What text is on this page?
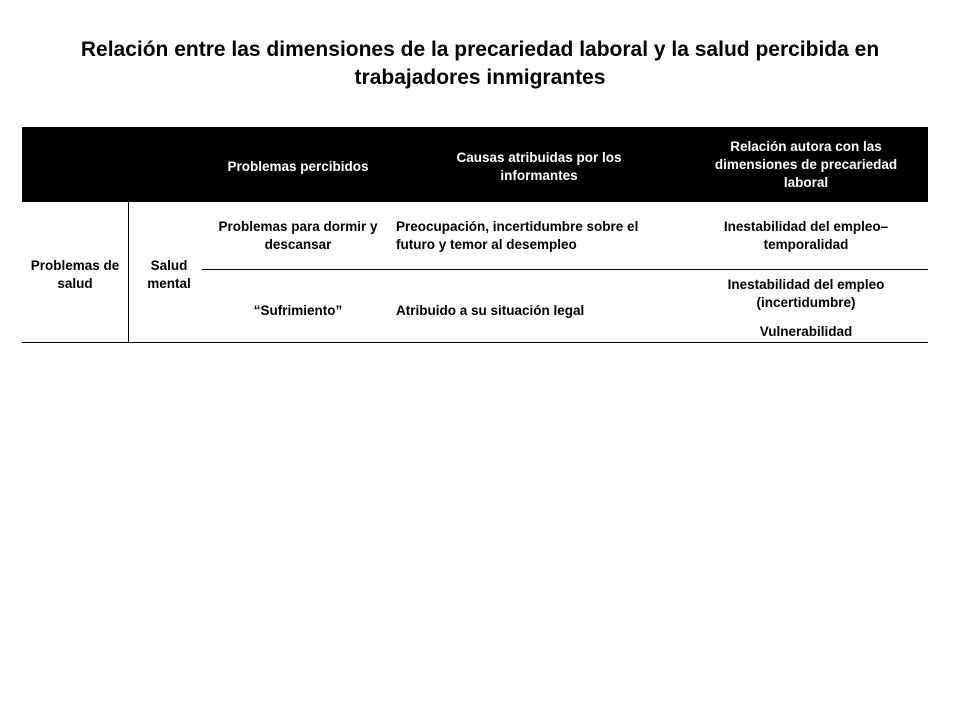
Relación entre las dimensiones de la precariedad laboral y la salud percibida en trabajadores inmigrantes
Problemas percibidos
Causas atribuidas por los informantes
Relación autora con las dimensiones de precariedad laboral
Problemas de salud
Salud mental
Problemas para dormir y descansar
Preocupación, incertidumbre sobre el futuro y temor al desempleo
Inestabilidad del empleo– temporalidad
“Sufrimiento”	Atribuido a su situación legal
Inestabilidad del empleo (incertidumbre)
Vulnerabilidad
